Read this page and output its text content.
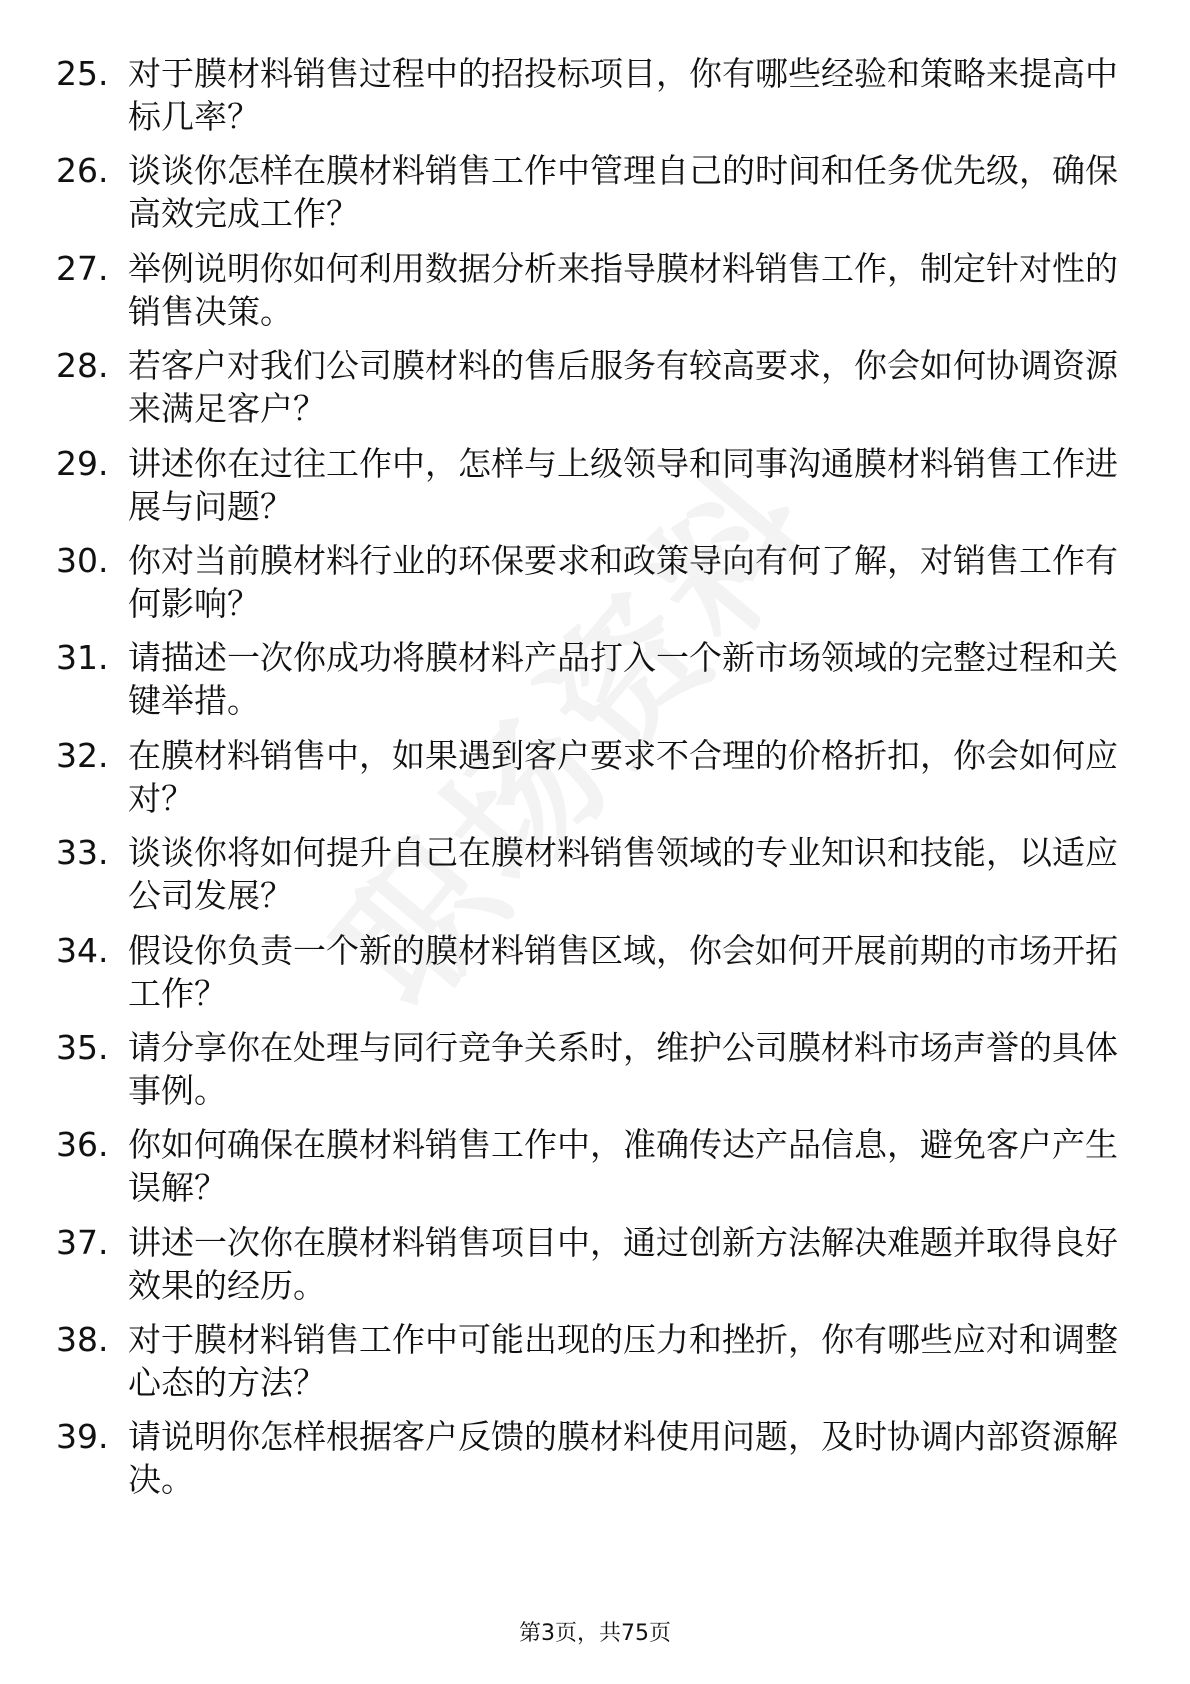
25. 对于膜材料销售过程中的招投标项目，你有哪些经验和策略来提高中标几率？
26. 谈谈你怎样在膜材料销售工作中管理自己的时间和任务优先级，确保高效完成工作？
27. 举例说明你如何利用数据分析来指导膜材料销售工作，制定针对性的销售决策。
28. 若客户对我们公司膜材料的售后服务有较高要求，你会如何协调资源来满足客户？
29. 讲述你在过往工作中，怎样与上级领导和同事沟通膜材料销售工作进展与问题？
30. 你对当前膜材料行业的环保要求和政策导向有何了解，对销售工作有何影响？
31. 请描述一次你成功将膜材料产品打入一个新市场领域的完整过程和关键举措。
32. 在膜材料销售中，如果遇到客户要求不合理的价格折扣，你会如何应对？
33. 谈谈你将如何提升自己在膜材料销售领域的专业知识和技能，以适应公司发展？
34. 假设你负责一个新的膜材料销售区域，你会如何开展前期的市场开拓工作？
35. 请分享你在处理与同行竞争关系时，维护公司膜材料市场声誉的具体事例。
36. 你如何确保在膜材料销售工作中，准确传达产品信息，避免客户产生误解？
37. 讲述一次你在膜材料销售项目中，通过创新方法解决难题并取得良好效果的经历。
38. 对于膜材料销售工作中可能出现的压力和挫折，你有哪些应对和调整心态的方法？
39. 请说明你怎样根据客户反馈的膜材料使用问题，及时协调内部资源解决。
第3页，共75页
